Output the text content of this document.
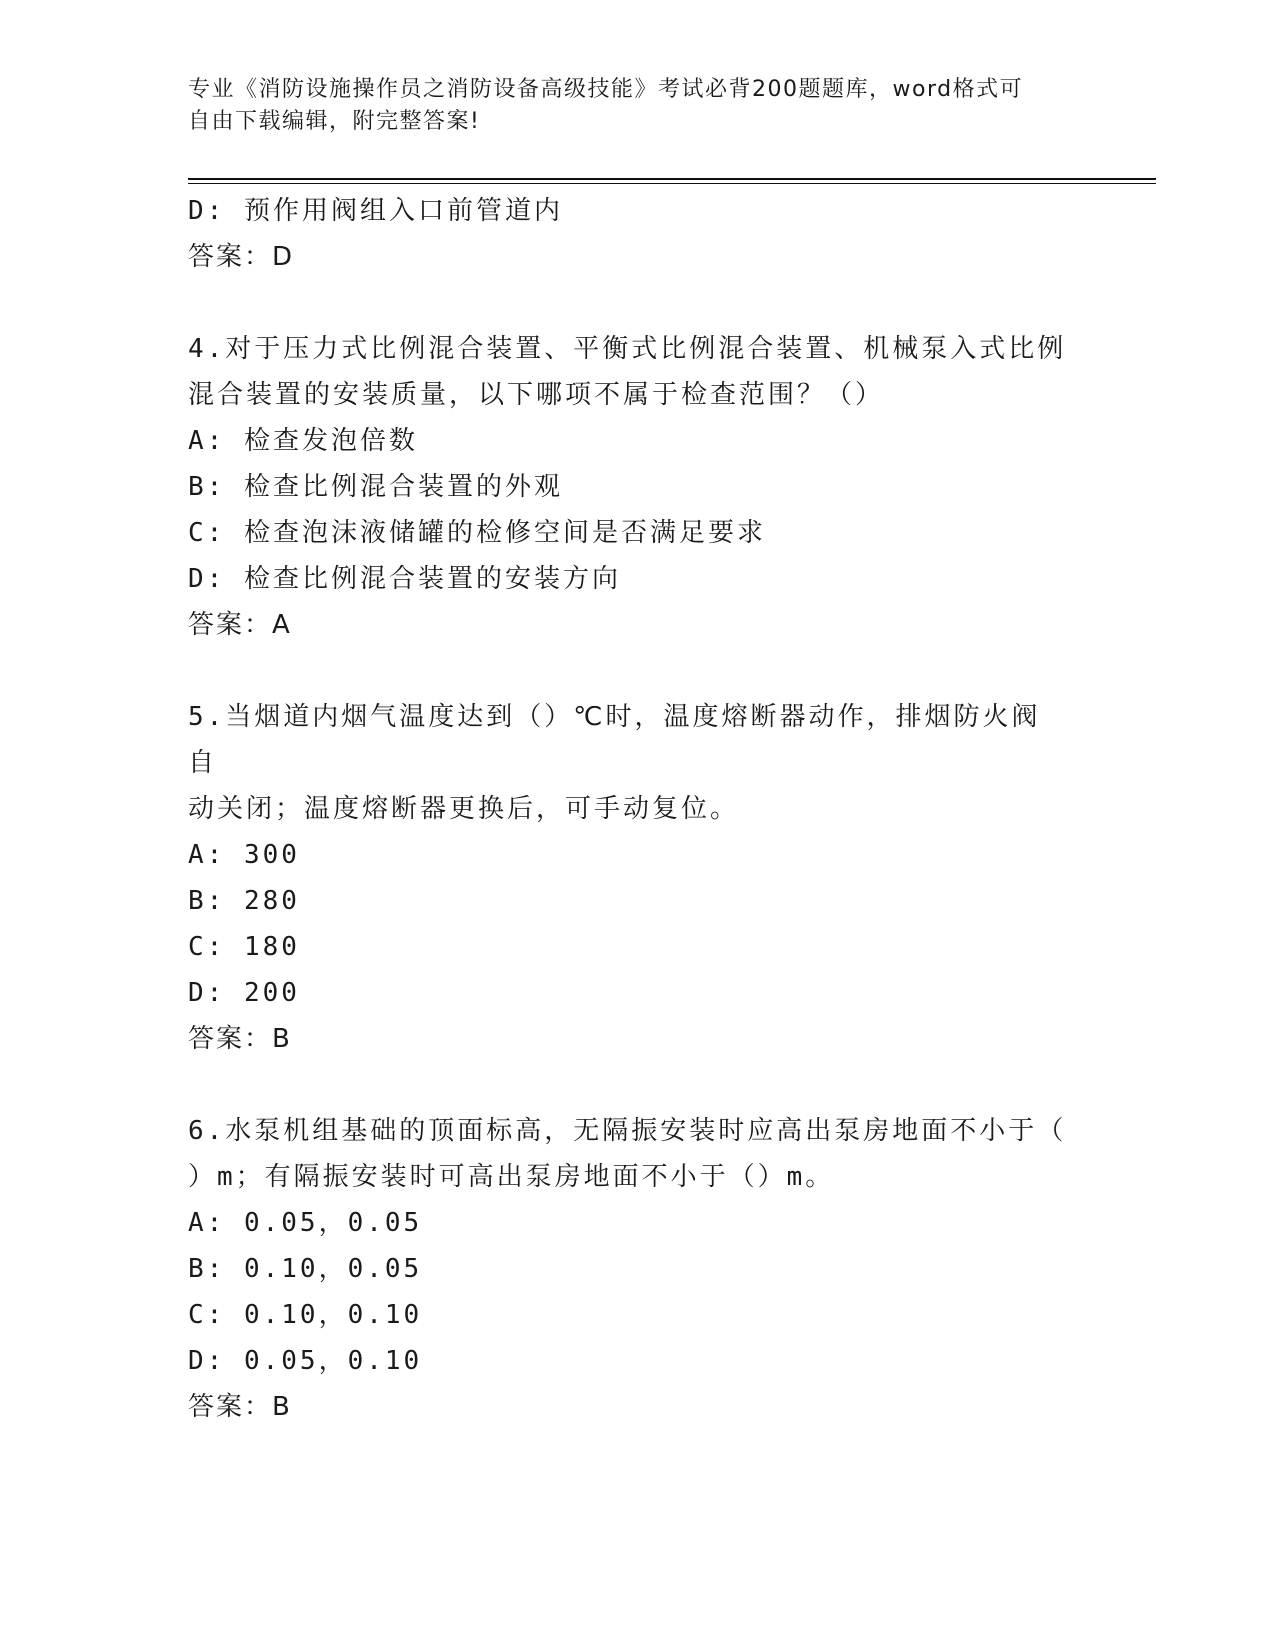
专业《消防设施操作员之消防设备高级技能》考试必背200题题库，word格式可
自由下载编辑，附完整答案!
D: 预作用阀组入口前管道内
答案：D
4.对于压力式比例混合装置、平衡式比例混合装置、机械泵入式比例
混合装置的安装质量，以下哪项不属于检查范围？（）
A: 检查发泡倍数
B: 检查比例混合装置的外观
C: 检查泡沫液储罐的检修空间是否满足要求
D: 检查比例混合装置的安装方向
答案：A
5.当烟道内烟气温度达到（）℃时，温度熔断器动作，排烟防火阀自
动关闭；温度熔断器更换后，可手动复位。
A: 300
B: 280
C: 180
D: 200
答案：B
6.水泵机组基础的顶面标高，无隔振安装时应高出泵房地面不小于（
）m；有隔振安装时可高出泵房地面不小于（）m。
A: 0.05，0.05
B: 0.10，0.05
C: 0.10，0.10
D: 0.05，0.10
答案：B
